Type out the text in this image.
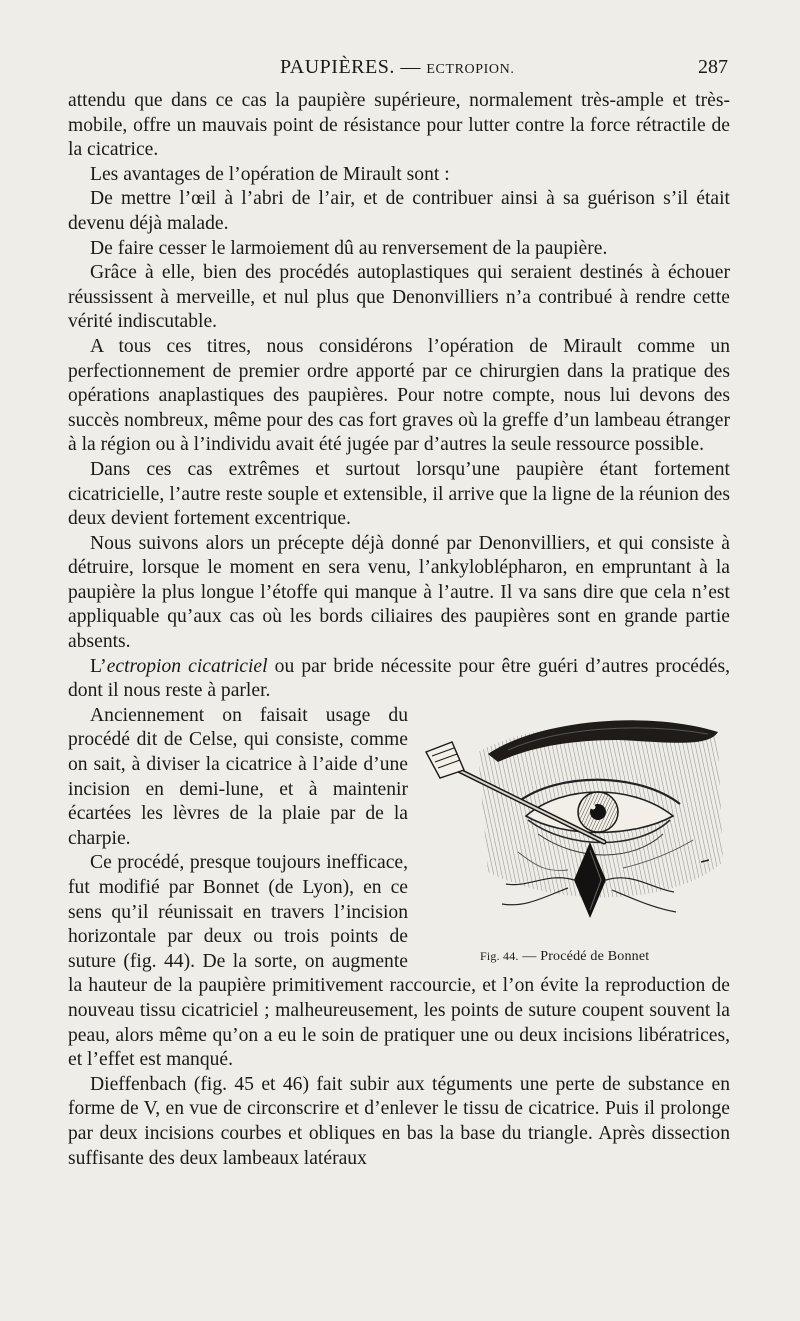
PAUPIÈRES. — ECTROPION.	287

attendu que dans ce cas la paupière supérieure, normalement très-ample et très-mobile, offre un mauvais point de résistance pour lutter contre la force rétractile de la cicatrice.

Les avantages de l’opération de Mirault sont :

De mettre l’œil à l’abri de l’air, et de contribuer ainsi à sa guérison s’il était devenu déjà malade.

De faire cesser le larmoiement dû au renversement de la paupière.

Grâce à elle, bien des procédés autoplastiques qui seraient destinés à échouer réussissent à merveille, et nul plus que Denonvilliers n’a contribué à rendre cette vérité indiscutable.

A tous ces titres, nous considérons l’opération de Mirault comme un perfectionnement de premier ordre apporté par ce chirurgien dans la pratique des opérations anaplastiques des paupières. Pour notre compte, nous lui devons des succès nombreux, même pour des cas fort graves où la greffe d’un lambeau étranger à la région ou à l’individu avait été jugée par d’autres la seule ressource possible.

Dans ces cas extrêmes et surtout lorsqu’une paupière étant fortement cicatricielle, l’autre reste souple et extensible, il arrive que la ligne de la réunion des deux devient fortement excentrique.

Nous suivons alors un précepte déjà donné par Denonvilliers, et qui consiste à détruire, lorsque le moment en sera venu, l’ankyloblépharon, en empruntant à la paupière la plus longue l’étoffe qui manque à l’autre. Il va sans dire que cela n’est appliquable qu’aux cas où les bords ciliaires des paupières sont en grande partie absents.

L’ectropion cicatriciel ou par bride nécessite pour être guéri d’autres procédés, dont il nous reste à parler.

Fig. 44. — Procédé de Bonnet

Anciennement on faisait usage du procédé dit de Celse, qui consiste, comme on sait, à diviser la cicatrice à l’aide d’une incision en demi-lune, et à maintenir écartées les lèvres de la plaie par de la charpie.

Ce procédé, presque toujours inefficace, fut modifié par Bonnet (de Lyon), en ce sens qu’il réunissait en travers l’incision horizontale par deux ou trois points de suture (fig. 44). De la sorte, on augmente la hauteur de la paupière primitivement raccourcie, et l’on évite la reproduction de nouveau tissu cicatriciel ; malheureusement, les points de suture coupent souvent la peau, alors même qu’on a eu le soin de pratiquer une ou deux incisions libératrices, et l’effet est manqué.

Dieffenbach (fig. 45 et 46) fait subir aux téguments une perte de substance en forme de V, en vue de circonscrire et d’enlever le tissu de cicatrice. Puis il prolonge par deux incisions courbes et obliques en bas la base du triangle. Après dissection suffisante des deux lambeaux latéraux
